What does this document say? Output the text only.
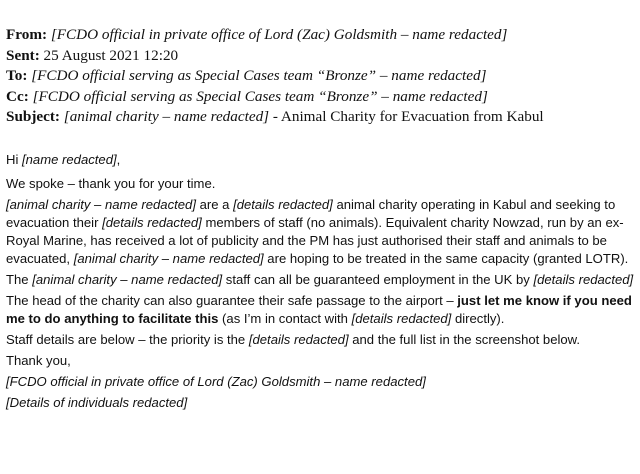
From: [FCDO official in private office of Lord (Zac) Goldsmith – name redacted]
Sent: 25 August 2021 12:20
To: [FCDO official serving as Special Cases team “Bronze” – name redacted]
Cc: [FCDO official serving as Special Cases team “Bronze” – name redacted]
Subject: [animal charity – name redacted] - Animal Charity for Evacuation from Kabul

Hi [name redacted],

We spoke – thank you for your time.

[animal charity – name redacted] are a [details redacted] animal charity operating in Kabul and seeking to evacuation their [details redacted] members of staff (no animals). Equivalent charity Nowzad, run by an ex-Royal Marine, has received a lot of publicity and the PM has just authorised their staff and animals to be evacuated, [animal charity – name redacted] are hoping to be treated in the same capacity (granted LOTR).

The [animal charity – name redacted] staff can all be guaranteed employment in the UK by [details redacted]

The head of the charity can also guarantee their safe passage to the airport – just let me know if you need me to do anything to facilitate this (as I’m in contact with [details redacted] directly).

Staff details are below – the priority is the [details redacted] and the full list in the screenshot below.

Thank you,

[FCDO official in private office of Lord (Zac) Goldsmith – name redacted]

[Details of individuals redacted]
